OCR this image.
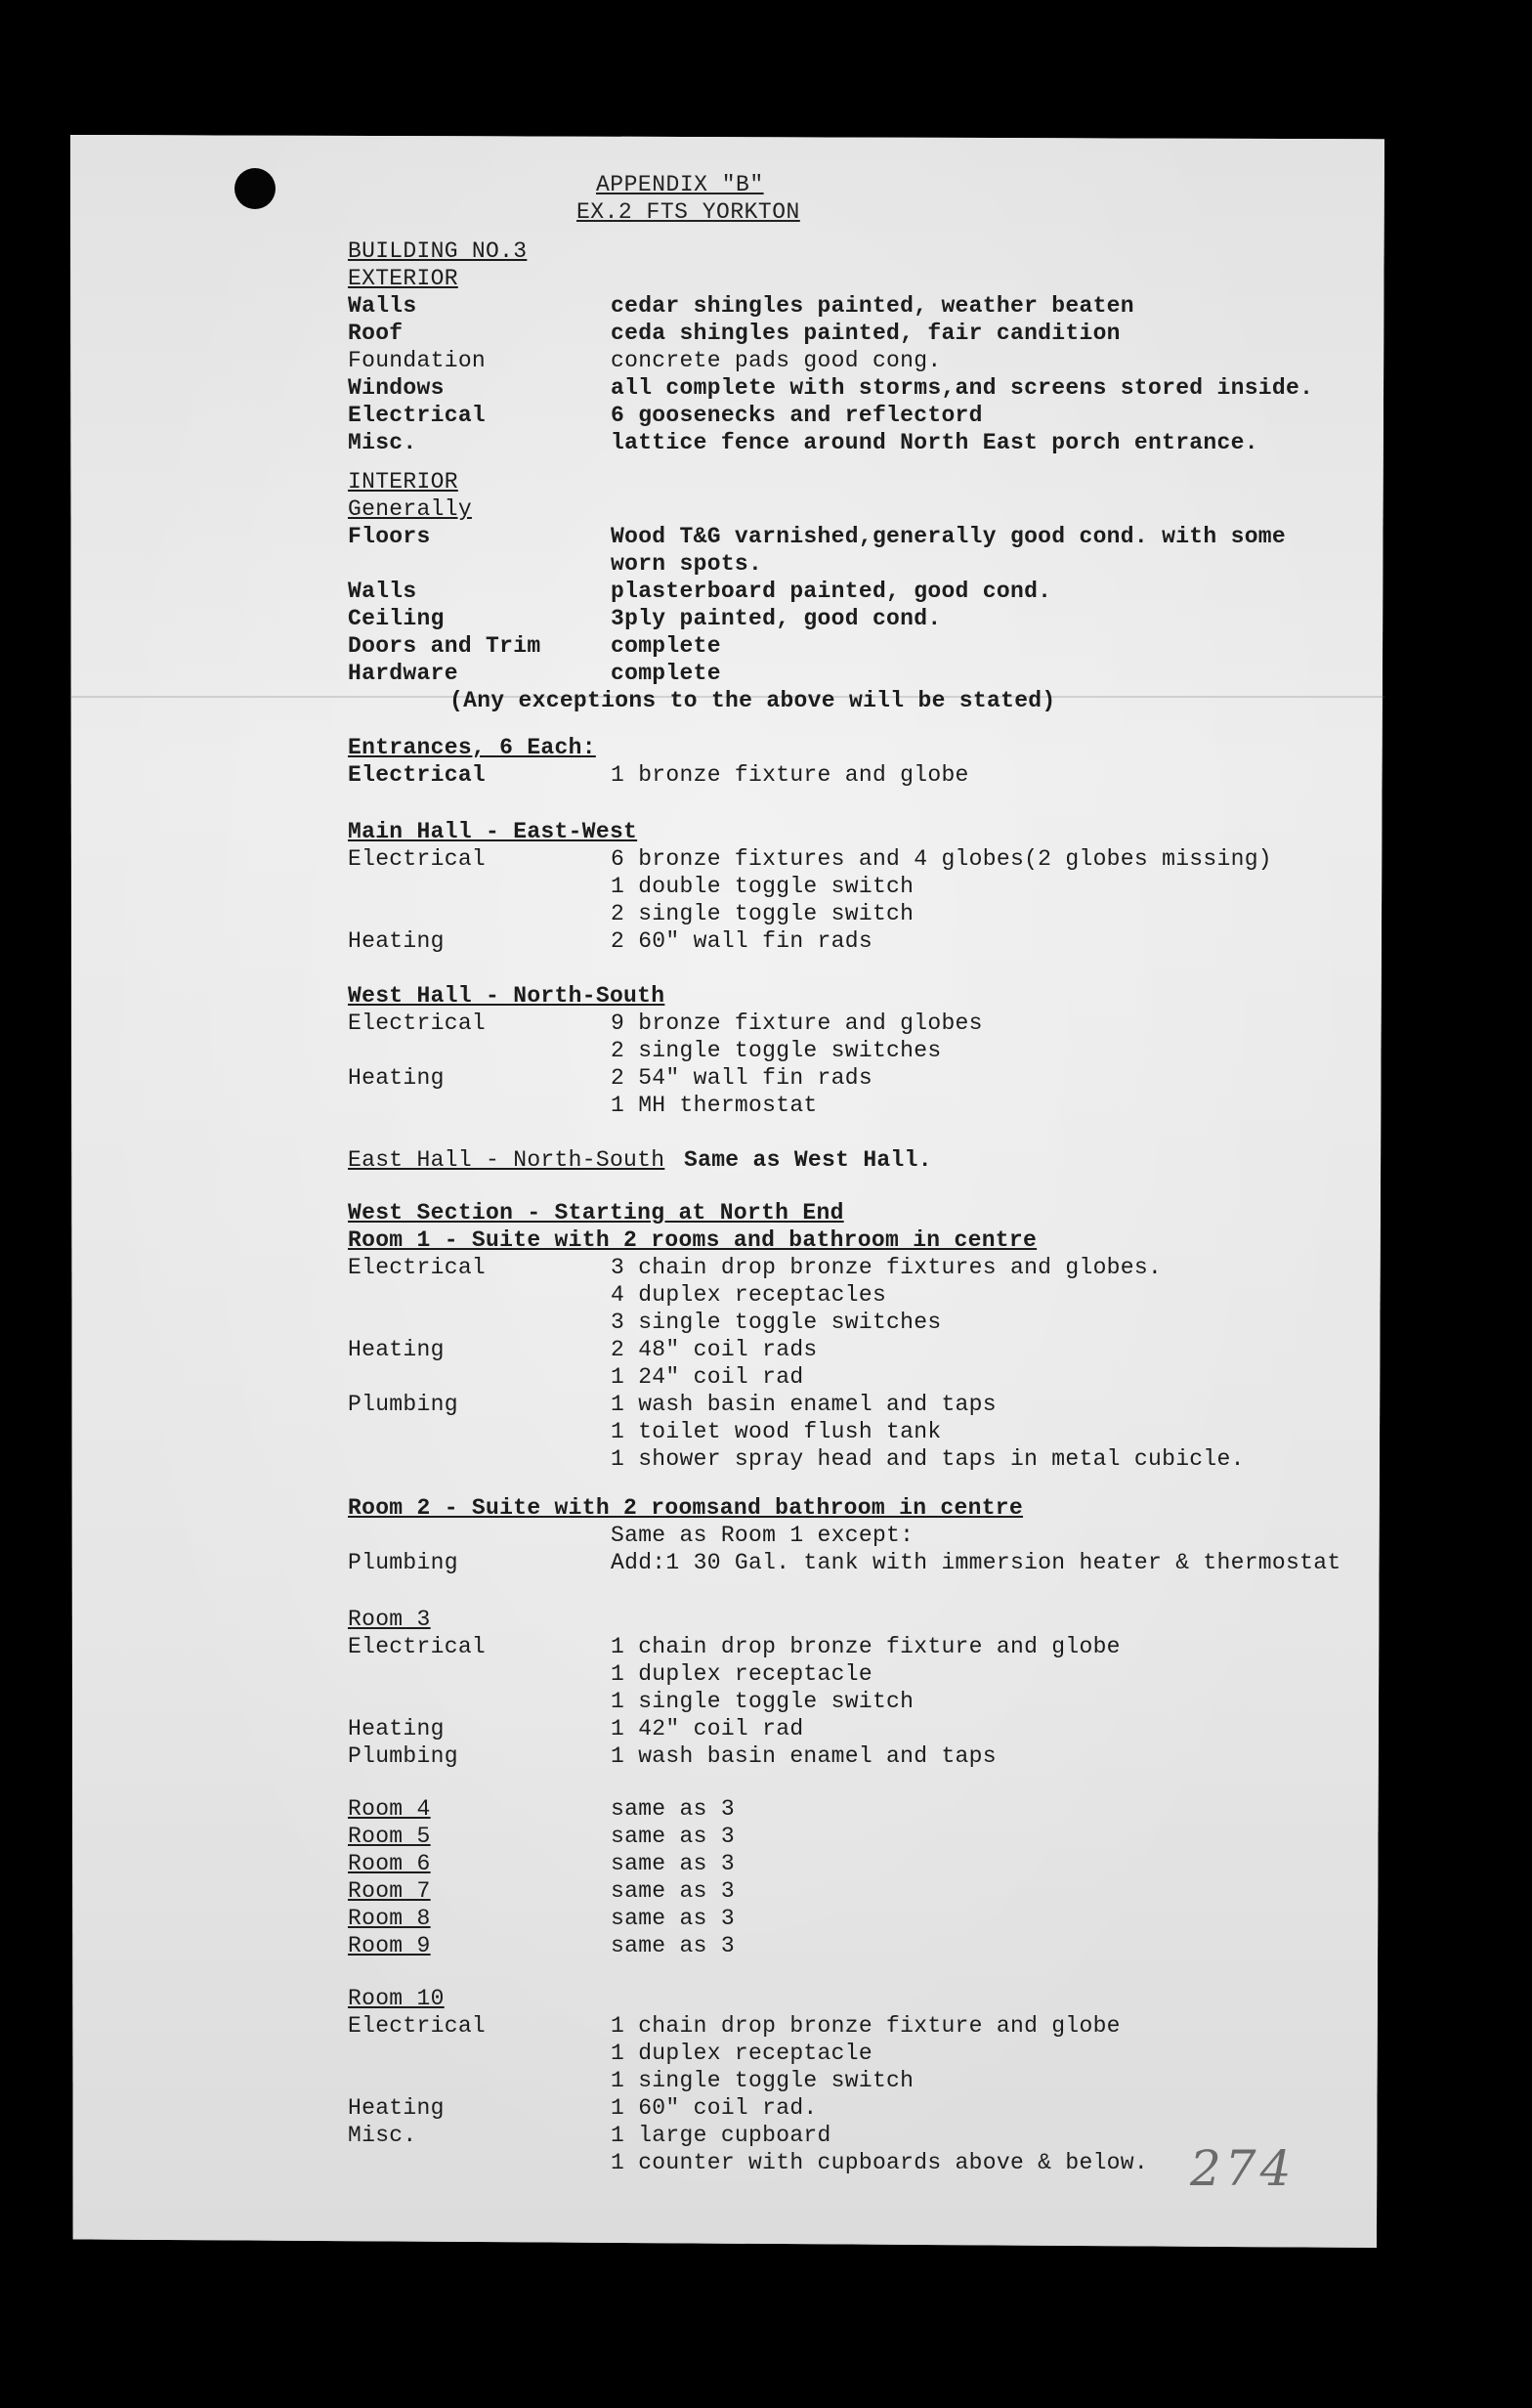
APPENDIX "B"
EX.2 FTS YORKTON
BUILDING NO.3
EXTERIOR
Walls	cedar shingles painted, weather beaten
Roof	ceda shingles painted, fair candition
Foundation	concrete pads good cong.
Windows	all complete with storms,and screens stored inside.
Electrical	6 goosenecks and reflectord
Misc.	lattice fence around North East porch entrance.
INTERIOR
Generally
Floors	Wood T&G varnished,generally good cond. with some
worn spots.
Walls	plasterboard painted, good cond.
Ceiling	3ply painted, good cond.
Doors and Trim	complete
Hardware	complete
(Any exceptions to the above will be stated)
Entrances, 6 Each:
Electrical	1 bronze fixture and globe
Main Hall - East-West
Electrical	6 bronze fixtures and 4 globes(2 globes missing)
1 double toggle switch
2 single toggle switch
Heating	2 60" wall fin rads
West Hall - North-South
Electrical	9 bronze fixture and globes
2 single toggle switches
Heating	2 54" wall fin rads
1 MH thermostat
East Hall - North-South Same as West Hall.
West Section - Starting at North End
Room 1 - Suite with 2 rooms and bathroom in centre
Electrical	3 chain drop bronze fixtures and globes.
4 duplex receptacles
3 single toggle switches
Heating	2 48" coil rads
1 24" coil rad
Plumbing	1 wash basin enamel and taps
1 toilet wood flush tank
1 shower spray head and taps in metal cubicle.
Room 2 - Suite with 2 roomsand bathroom in centre
Same as Room 1 except:
Plumbing	Add:1 30 Gal. tank with immersion heater & thermostat
Room 3
Electrical	1 chain drop bronze fixture and globe
1 duplex receptacle
1 single toggle switch
Heating	1 42" coil rad
Plumbing	1 wash basin enamel and taps
Room 4	same as 3
Room 5	same as 3
Room 6	same as 3
Room 7	same as 3
Room 8	same as 3
Room 9	same as 3
Room 10
Electrical	1 chain drop bronze fixture and globe
1 duplex receptacle
1 single toggle switch
Heating	1 60" coil rad.
Misc.	1 large cupboard
1 counter with cupboards above & below. 274
